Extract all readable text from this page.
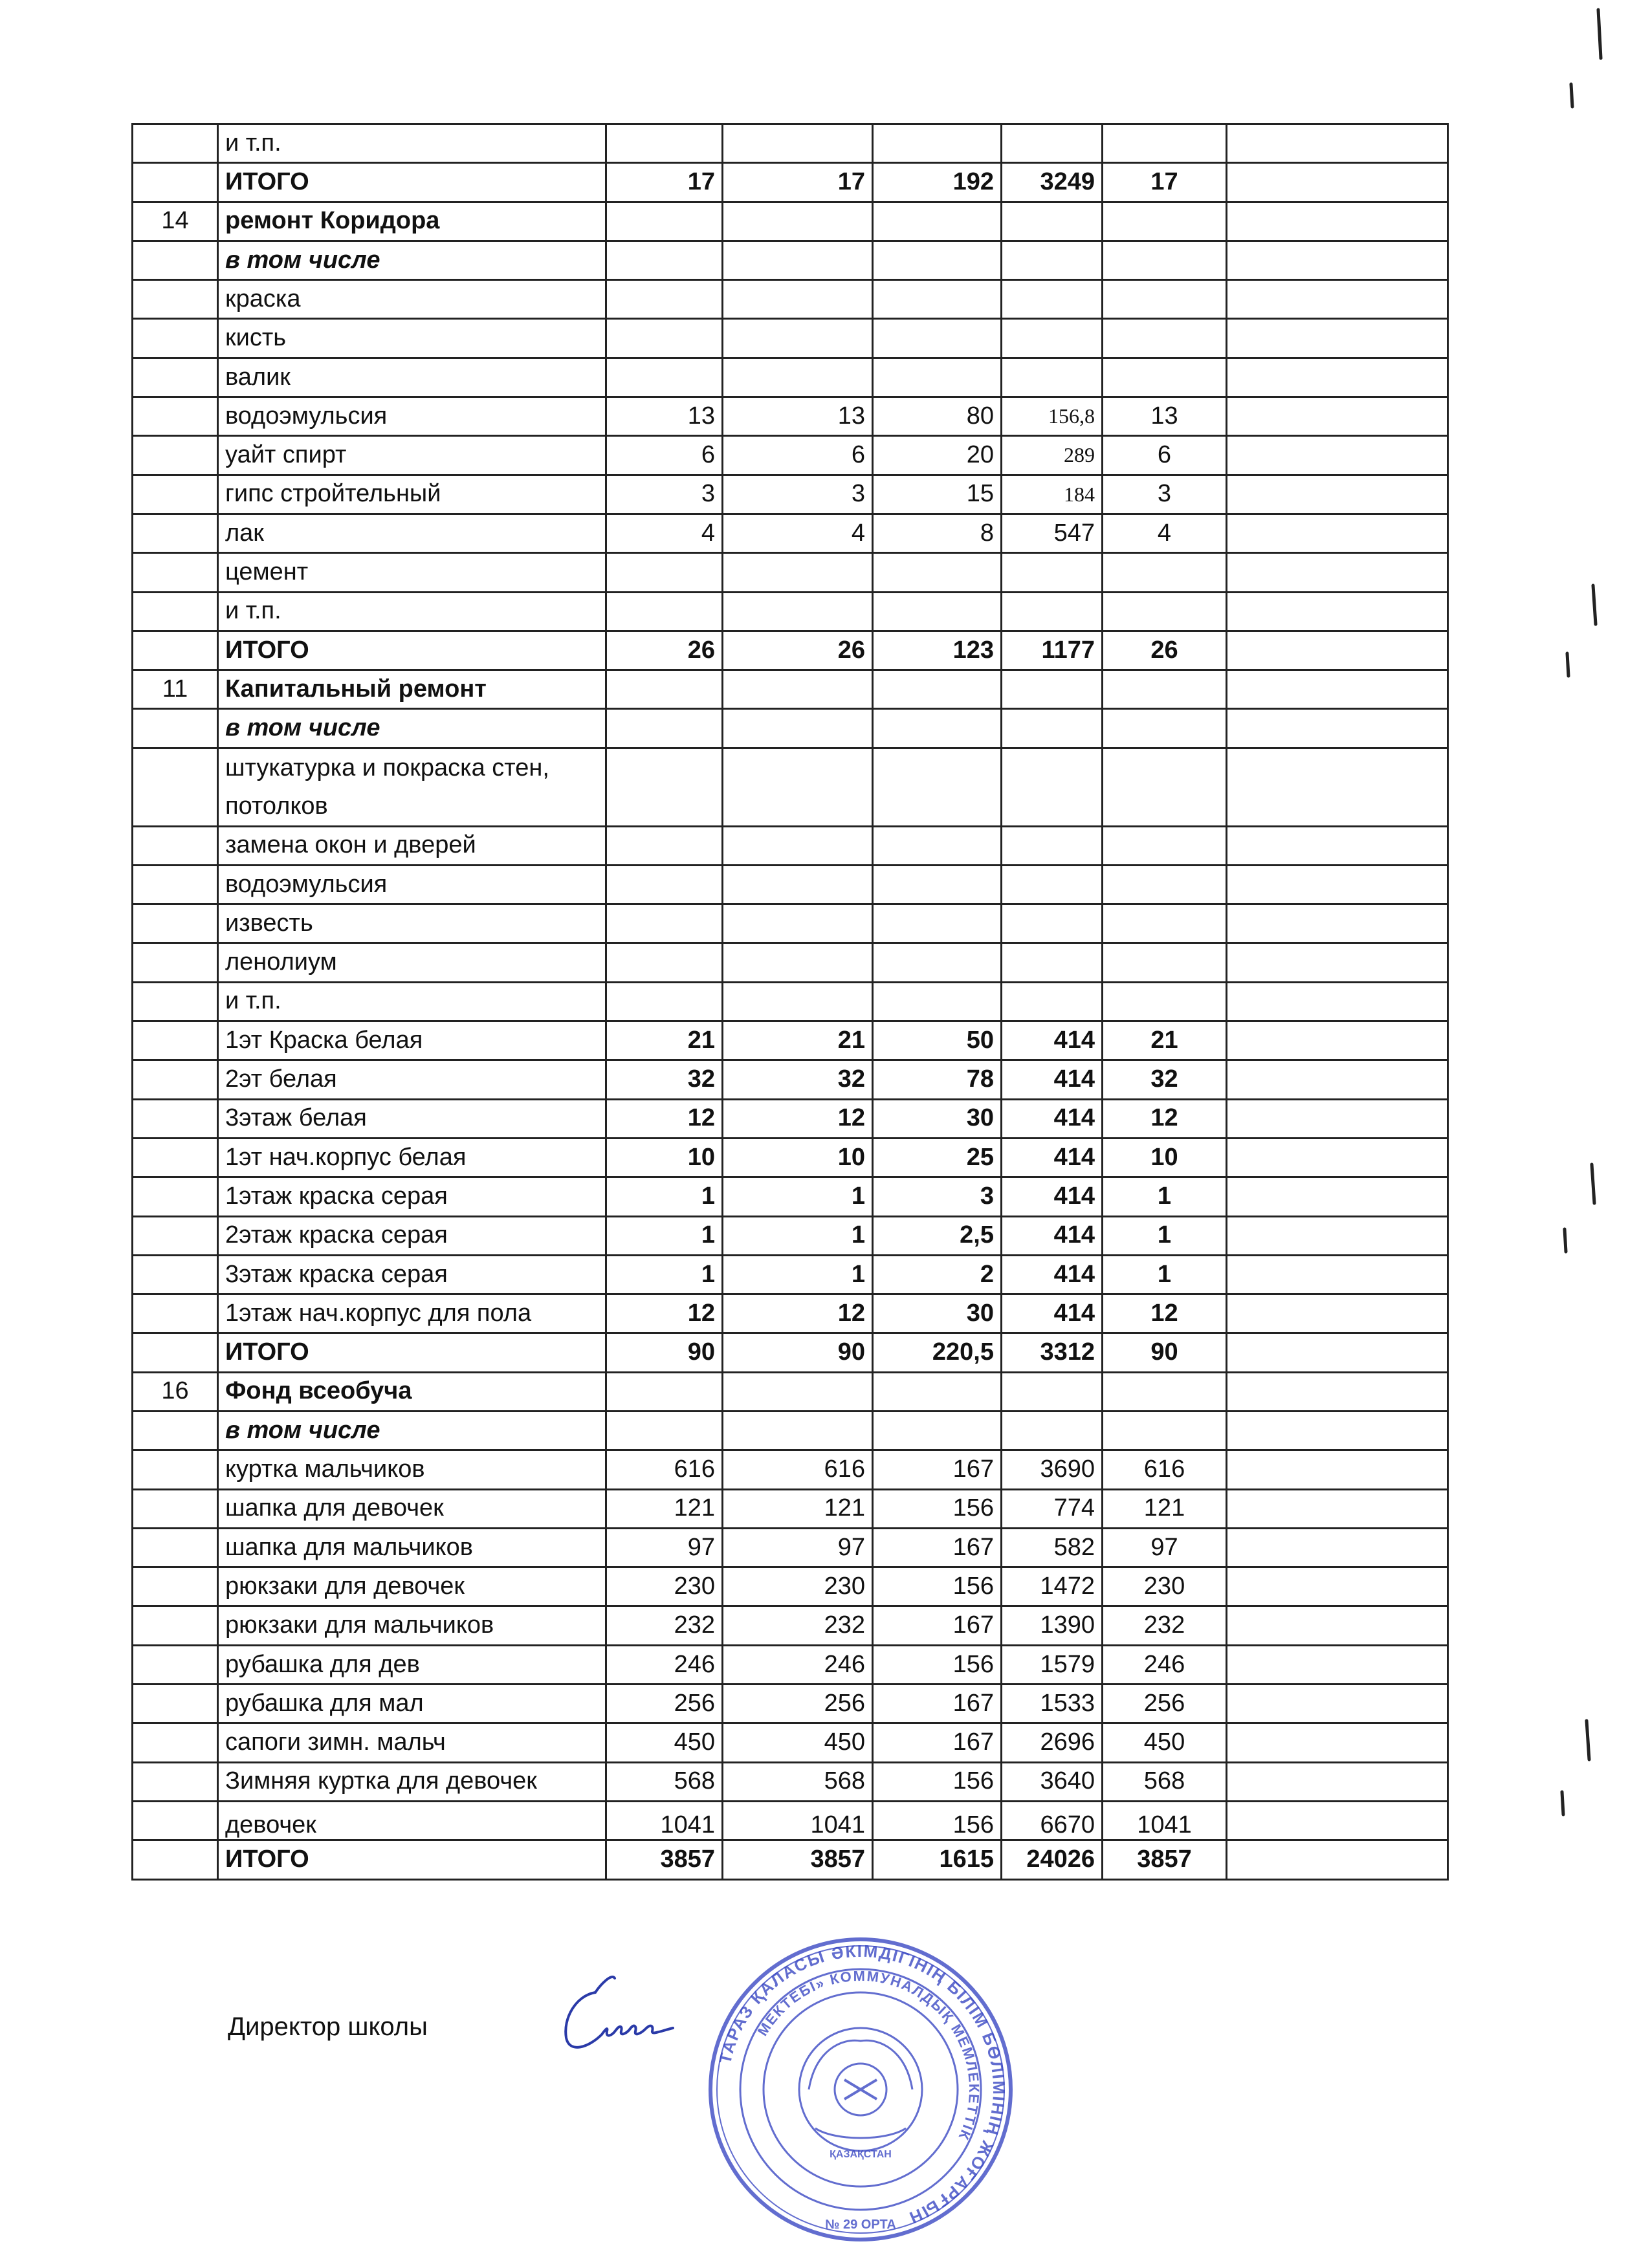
	и т.п.						
	ИТОГО	17	17	192	3249	17	
14	ремонт Коридора						
	в том числе						
	краска						
	кисть						
	валик						
	водоэмульсия	13	13	80	156,8	13	
	уайт спирт	6	6	20	289	6	
	гипс стройтельный	3	3	15	184	3	
	лак	4	4	8	547	4	
	цемент						
	и т.п.						
	ИТОГО	26	26	123	1177	26	
11	Капитальный ремонт						
	в том числе						
	штукатурка и покраска стен, потолков						
	замена окон и дверей						
	водоэмульсия						
	известь						
	ленолиум						
	и т.п.						
	1эт Краска белая	21	21	50	414	21	
	2эт белая	32	32	78	414	32	
	3этаж белая	12	12	30	414	12	
	1эт нач.корпус белая	10	10	25	414	10	
	1этаж краска серая	1	1	3	414	1	
	2этаж краска серая	1	1	2,5	414	1	
	3этаж краска серая	1	1	2	414	1	
	1этаж нач.корпус для пола	12	12	30	414	12	
	ИТОГО	90	90	220,5	3312	90	
16	Фонд всеобуча						
	в том числе						
	куртка мальчиков	616	616	167	3690	616	
	шапка для девочек	121	121	156	774	121	
	шапка для мальчиков	97	97	167	582	97	
	рюкзаки для девочек	230	230	156	1472	230	
	рюкзаки для мальчиков	232	232	167	1390	232	
	рубашка для дев	246	246	156	1579	246	
	рубашка для мал	256	256	167	1533	256	
	сапоги зимн. мальч	450	450	167	2696	450	
	Зимняя куртка для девочек	568	568	156	3640	568	
	девочек	1041	1041	156	6670	1041	
	ИТОГО	3857	3857	1615	24026	3857	
Директор школы
ТАРАЗ ҚАЛАСЫ ӘКІМДІГІНІҢ БІЛІМ БӨЛІМІНІҢ ЖОҒАРҒЫН
МЕКТЕБІ» КОММУНАЛДЫҚ МЕМЛЕКЕТТІК
ҚАЗАҚСТАН
№ 29 ОРТА
